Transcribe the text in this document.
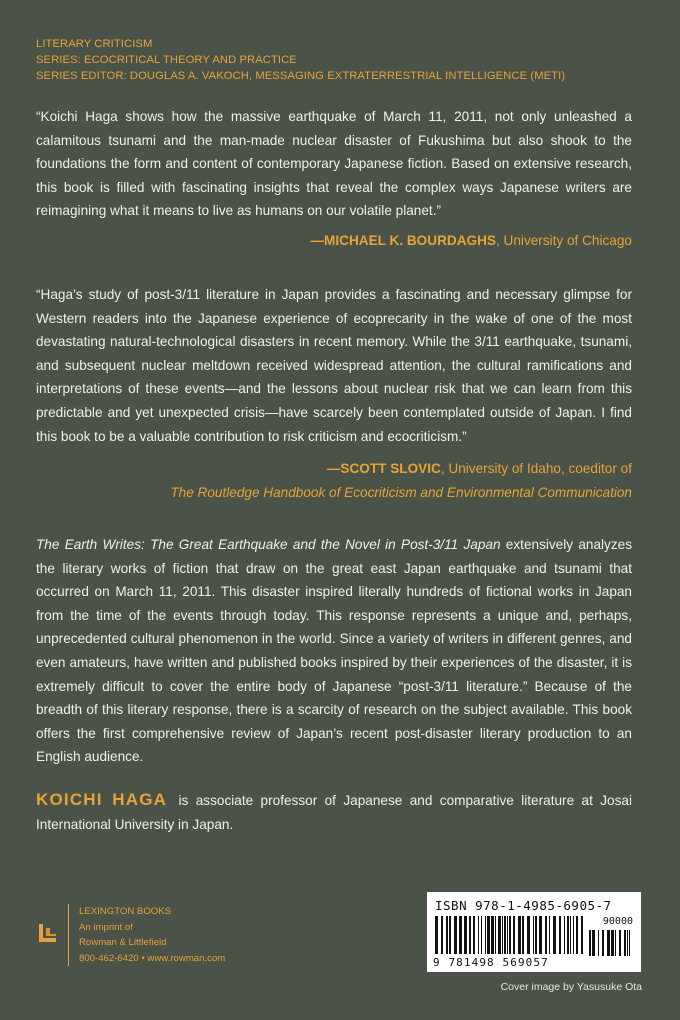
LITERARY CRITICISM
SERIES: ECOCRITICAL THEORY AND PRACTICE
SERIES EDITOR: DOUGLAS A. VAKOCH, MESSAGING EXTRATERRESTRIAL INTELLIGENCE (METI)
“Koichi Haga shows how the massive earthquake of March 11, 2011, not only unleashed a calamitous tsunami and the man-made nuclear disaster of Fukushima but also shook to the foundations the form and content of contemporary Japanese fiction. Based on extensive research, this book is filled with fascinating insights that reveal the complex ways Japanese writers are reimagining what it means to live as humans on our volatile planet.”
—MICHAEL K. BOURDAGHS, University of Chicago
“Haga’s study of post-3/11 literature in Japan provides a fascinating and necessary glimpse for Western readers into the Japanese experience of ecoprecarity in the wake of one of the most devastating natural-technological disasters in recent memory. While the 3/11 earthquake, tsunami, and subsequent nuclear meltdown received widespread attention, the cultural ramifications and interpretations of these events—and the lessons about nuclear risk that we can learn from this predictable and yet unexpected crisis—have scarcely been contemplated outside of Japan. I find this book to be a valuable contribution to risk criticism and ecocriticism.”
—SCOTT SLOVIC, University of Idaho, coeditor of
The Routledge Handbook of Ecocriticism and Environmental Communication
The Earth Writes: The Great Earthquake and the Novel in Post-3/11 Japan extensively analyzes the literary works of fiction that draw on the great east Japan earthquake and tsunami that occurred on March 11, 2011. This disaster inspired literally hundreds of fictional works in Japan from the time of the events through today. This response represents a unique and, perhaps, unprecedented cultural phenomenon in the world. Since a variety of writers in different genres, and even amateurs, have written and published books inspired by their experiences of the disaster, it is extremely difficult to cover the entire body of Japanese “post-3/11 literature.” Because of the breadth of this literary response, there is a scarcity of research on the subject available. This book offers the first comprehensive review of Japan’s recent post-disaster literary production to an English audience.
KOICHI HAGA is associate professor of Japanese and comparative literature at Josai International University in Japan.
LEXINGTON BOOKS
An imprint of
Rowman & Littlefield
800-462-6420 • www.rowman.com
ISBN 978-1-4985-6905-7
90000
9 781498 569057
Cover image by Yasusuke Ota
